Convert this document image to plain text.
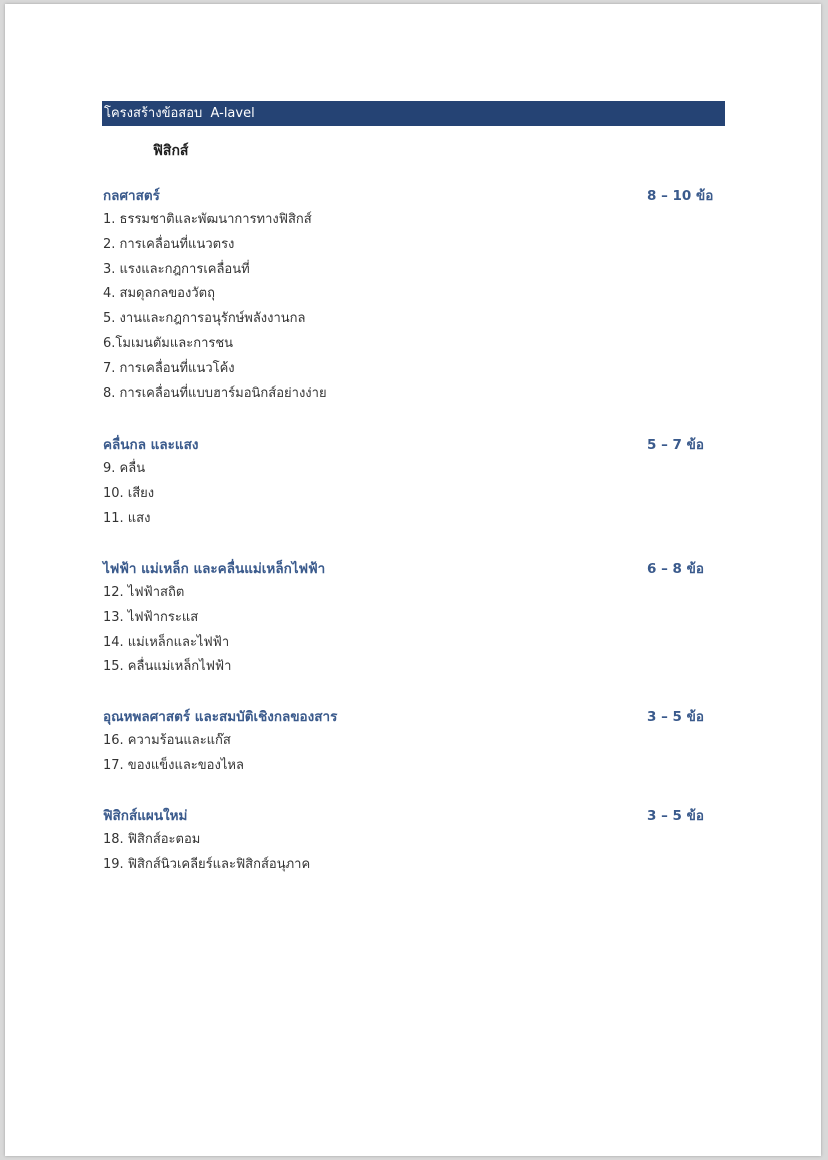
โครงสร้างข้อสอบ  A-lavel
ฟิสิกส์
กลศาสตร์	8 – 10 ข้อ
1. ธรรมชาติและพัฒนาการทางฟิสิกส์
2. การเคลื่อนที่แนวตรง
3. แรงและกฎการเคลื่อนที่
4. สมดุลกลของวัตถุ
5. งานและกฎการอนุรักษ์พลังงานกล
6.โมเมนตัมและการชน
7. การเคลื่อนที่แนวโค้ง
8. การเคลื่อนที่แบบฮาร์มอนิกส์อย่างง่าย
คลื่นกล และแสง	5 – 7 ข้อ
9. คลื่น
10. เสียง
11. แสง
ไฟฟ้า แม่เหล็ก และคลื่นแม่เหล็กไฟฟ้า	6 – 8 ข้อ
12. ไฟฟ้าสถิต
13. ไฟฟ้ากระแส
14. แม่เหล็กและไฟฟ้า
15. คลื่นแม่เหล็กไฟฟ้า
อุณหพลศาสตร์ และสมบัติเชิงกลของสาร	3 – 5 ข้อ
16. ความร้อนและแก๊ส
17. ของแข็งและของไหล
ฟิสิกส์แผนใหม่	3 – 5 ข้อ
18. ฟิสิกส์อะตอม
19. ฟิสิกส์นิวเคลียร์และฟิสิกส์อนุภาค
